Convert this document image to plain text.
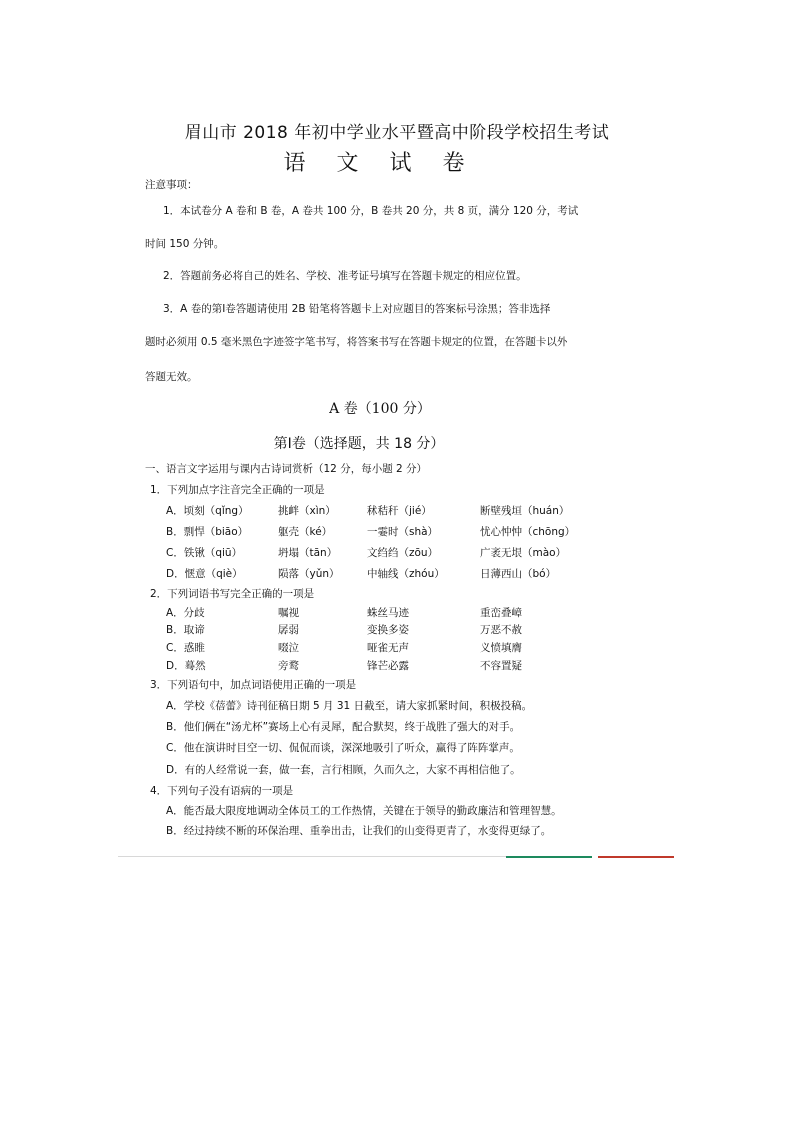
眉山市 2018 年初中学业水平暨高中阶段学校招生考试
语 文 试 卷
注意事项：
1．本试卷分 A 卷和 B 卷，A 卷共 100 分，B 卷共 20 分，共 8 页，满分 120 分，考试
时间 150 分钟。
2．答题前务必将自己的姓名、学校、准考证号填写在答题卡规定的相应位置。
3．A 卷的第Ⅰ卷答题请使用 2B 铅笔将答题卡上对应题目的答案标号涂黑；答非选择
题时必须用 0.5 毫米黑色字迹签字笔书写，将答案书写在答题卡规定的位置，在答题卡以外
答题无效。
A 卷（100 分）
第Ⅰ卷（选择题，共 18 分）
一、语言文字运用与课内古诗词赏析（12 分，每小题 2 分）
1．下列加点字注音完全正确的一项是
A．顷刻（qǐng）	挑衅（xìn）	秫秸秆（jié）	断壁残垣（huán）
B．剽悍（biāo）	躯壳（ké）	一霎时（shà）	忧心忡忡（chōng）
C．铁锹（qiū）	坍塌（tān）	文绉绉（zōu）	广袤无垠（mào）
D．惬意（qiè）	陨落（yǔn）	中轴线（zhóu）	日薄西山（bó）
2．下列词语书写完全正确的一项是
A．分歧	嘱视	蛛丝马迹	重峦叠嶂
B．取谛	孱弱	变换多姿	万恶不赦
C．惑睢	啜泣	哑雀无声	义愤填膺
D．蓦然	旁鹜	锋芒必露	不容置疑
3．下列语句中，加点词语使用正确的一项是
A．学校《蓓蕾》诗刊征稿日期 5 月 31 日截至，请大家抓紧时间，积极投稿。
B．他们俩在“汤尤杯”赛场上心有灵犀，配合默契，终于战胜了强大的对手。
C．他在演讲时目空一切、侃侃而谈，深深地吸引了听众，赢得了阵阵掌声。
D．有的人经常说一套，做一套，言行相顾，久而久之，大家不再相信他了。
4．下列句子没有语病的一项是
A．能否最大限度地调动全体员工的工作热情，关键在于领导的勤政廉洁和管理智慧。
B．经过持续不断的环保治理、重拳出击，让我们的山变得更青了，水变得更绿了。
